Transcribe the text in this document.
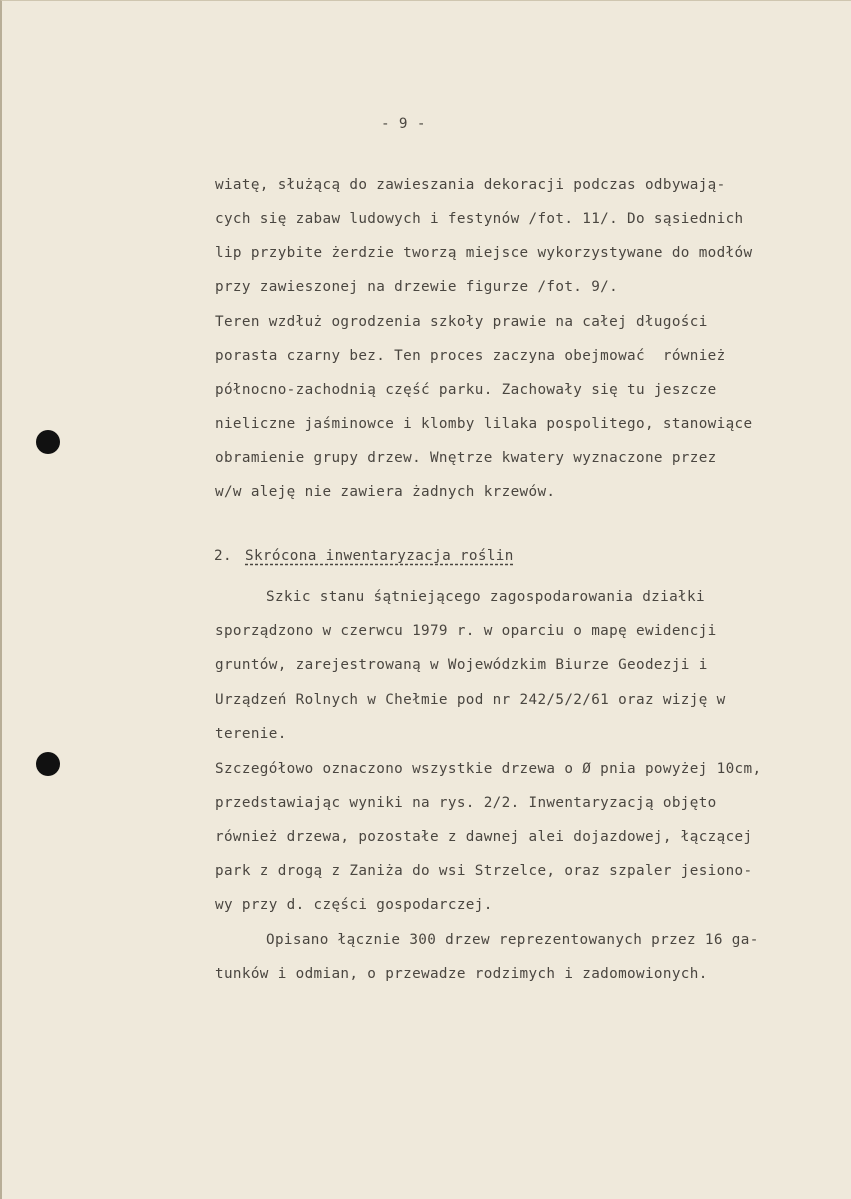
- 9 -
wiatę, służącą do zawieszania dekoracji podczas odbywają-
cych się zabaw ludowych i festynów /fot. 11/. Do sąsiednich
lip przybite żerdzie tworzą miejsce wykorzystywane do modłów
przy zawieszonej na drzewie figurze /fot. 9/.
Teren wzdłuż ogrodzenia szkoły prawie na całej długości
porasta czarny bez. Ten proces zaczyna obejmować  również
północno-zachodnią część parku. Zachowały się tu jeszcze
nieliczne jaśminowce i klomby lilaka pospolitego, stanowiące
obramienie grupy drzew. Wnętrze kwatery wyznaczone przez
w/w aleję nie zawiera żadnych krzewów.
2. Skrócona inwentaryzacja roślin
Szkic stanu śątniejącego zagospodarowania działki
sporządzono w czerwcu 1979 r. w oparciu o mapę ewidencji
gruntów, zarejestrowaną w Wojewódzkim Biurze Geodezji i
Urządzeń Rolnych w Chełmie pod nr 242/5/2/61 oraz wizję w
terenie.
Szczegółowo oznaczono wszystkie drzewa o Ø pnia powyżej 10cm,
przedstawiając wyniki na rys. 2/2. Inwentaryzacją objęto
również drzewa, pozostałe z dawnej alei dojazdowej, łączącej
park z drogą z Zaniża do wsi Strzelce, oraz szpaler jesiono-
wy przy d. części gospodarczej.
Opisano łącznie 300 drzew reprezentowanych przez 16 ga-
tunków i odmian, o przewadze rodzimych i zadomowionych.
